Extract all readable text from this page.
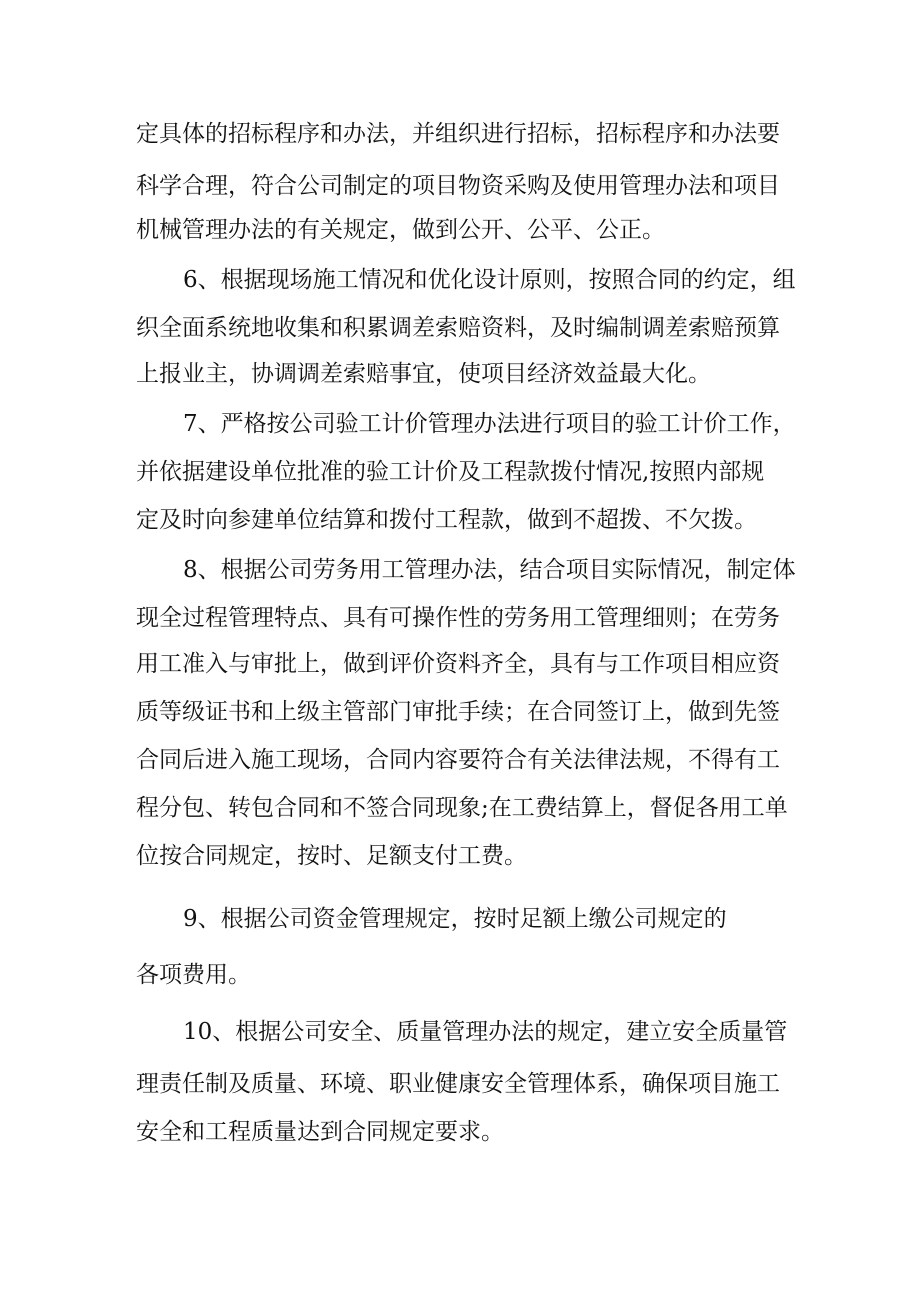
定具体的招标程序和办法，并组织进行招标，招标程序和办法要
科学合理，符合公司制定的项目物资采购及使用管理办法和项目
机械管理办法的有关规定，做到公开、公平、公正。
6、根据现场施工情况和优化设计原则，按照合同的约定，组
织全面系统地收集和积累调差索赔资料，及时编制调差索赔预算
上报业主，协调调差索赔事宜，使项目经济效益最大化。
7、严格按公司验工计价管理办法进行项目的验工计价工作，
并依据建设单位批准的验工计价及工程款拨付情况,按照内部规
定及时向参建单位结算和拨付工程款，做到不超拨、不欠拨。
8、根据公司劳务用工管理办法，结合项目实际情况，制定体
现全过程管理特点、具有可操作性的劳务用工管理细则；在劳务
用工准入与审批上，做到评价资料齐全，具有与工作项目相应资
质等级证书和上级主管部门审批手续；在合同签订上，做到先签
合同后进入施工现场，合同内容要符合有关法律法规，不得有工
程分包、转包合同和不签合同现象;在工费结算上，督促各用工单
位按合同规定，按时、足额支付工费。
9、根据公司资金管理规定，按时足额上缴公司规定的
各项费用。
10、根据公司安全、质量管理办法的规定，建立安全质量管
理责任制及质量、环境、职业健康安全管理体系，确保项目施工
安全和工程质量达到合同规定要求。
